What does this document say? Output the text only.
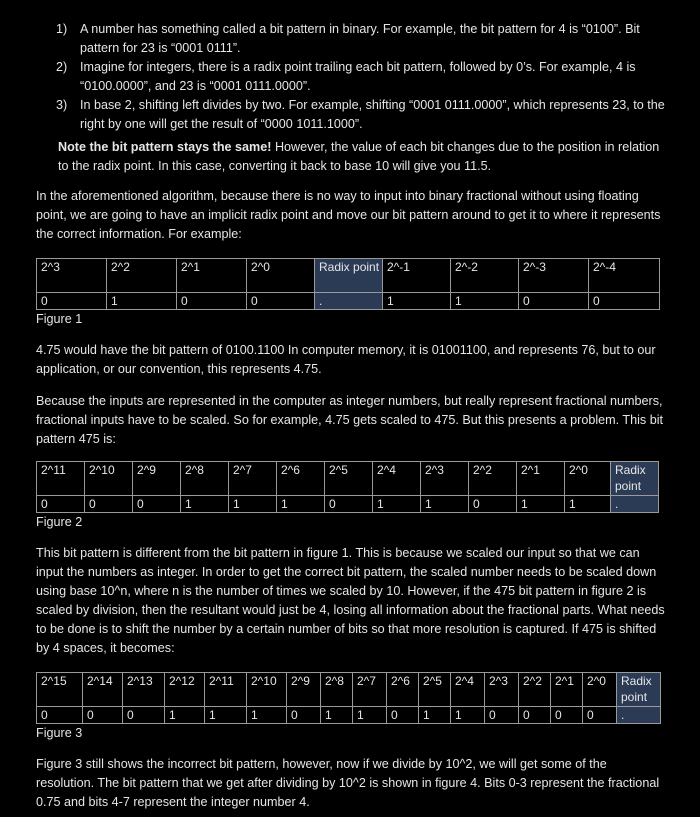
1) A number has something called a bit pattern in binary. For example, the bit pattern for 4 is “0100”. Bit pattern for 23 is “0001 0111”.
2) Imagine for integers, there is a radix point trailing each bit pattern, followed by 0’s. For example, 4 is “0100.0000”, and 23 is “0001 0111.0000”.
3) In base 2, shifting left divides by two. For example, shifting “0001 0111.0000”, which represents 23, to the right by one will get the result of “0000 1011.1000”.
Note the bit pattern stays the same! However, the value of each bit changes due to the position in relation to the radix point. In this case, converting it back to base 10 will give you 11.5.
In the aforementioned algorithm, because there is no way to input into binary fractional without using floating point, we are going to have an implicit radix point and move our bit pattern around to get it to where it represents the correct information. For example:
2^3	2^2	2^1	2^0	Radix point	2^-1	2^-2	2^-3	2^-4
0	1	0	0	.	1	1	0	0
Figure 1
4.75 would have the bit pattern of 0100.1100 In computer memory, it is 01001100, and represents 76, but to our application, or our convention, this represents 4.75.
Because the inputs are represented in the computer as integer numbers, but really represent fractional numbers, fractional inputs have to be scaled. So for example, 4.75 gets scaled to 475. But this presents a problem. This bit pattern 475 is:
2^11	2^10	2^9	2^8	2^7	2^6	2^5	2^4	2^3	2^2	2^1	2^0	Radix point
0	0	0	1	1	1	0	1	1	0	1	1	.
Figure 2
This bit pattern is different from the bit pattern in figure 1. This is because we scaled our input so that we can input the numbers as integer. In order to get the correct bit pattern, the scaled number needs to be scaled down using base 10^n, where n is the number of times we scaled by 10. However, if the 475 bit pattern in figure 2 is scaled by division, then the resultant would just be 4, losing all information about the fractional parts. What needs to be done is to shift the number by a certain number of bits so that more resolution is captured. If 475 is shifted by 4 spaces, it becomes:
2^15	2^14	2^13	2^12	2^11	2^10	2^9	2^8	2^7	2^6	2^5	2^4	2^3	2^2	2^1	2^0	Radix point
0	0	0	1	1	1	0	1	1	0	1	1	0	0	0	0	.
Figure 3
Figure 3 still shows the incorrect bit pattern, however, now if we divide by 10^2, we will get some of the resolution. The bit pattern that we get after dividing by 10^2 is shown in figure 4. Bits 0-3 represent the fractional 0.75 and bits 4-7 represent the integer number 4.
